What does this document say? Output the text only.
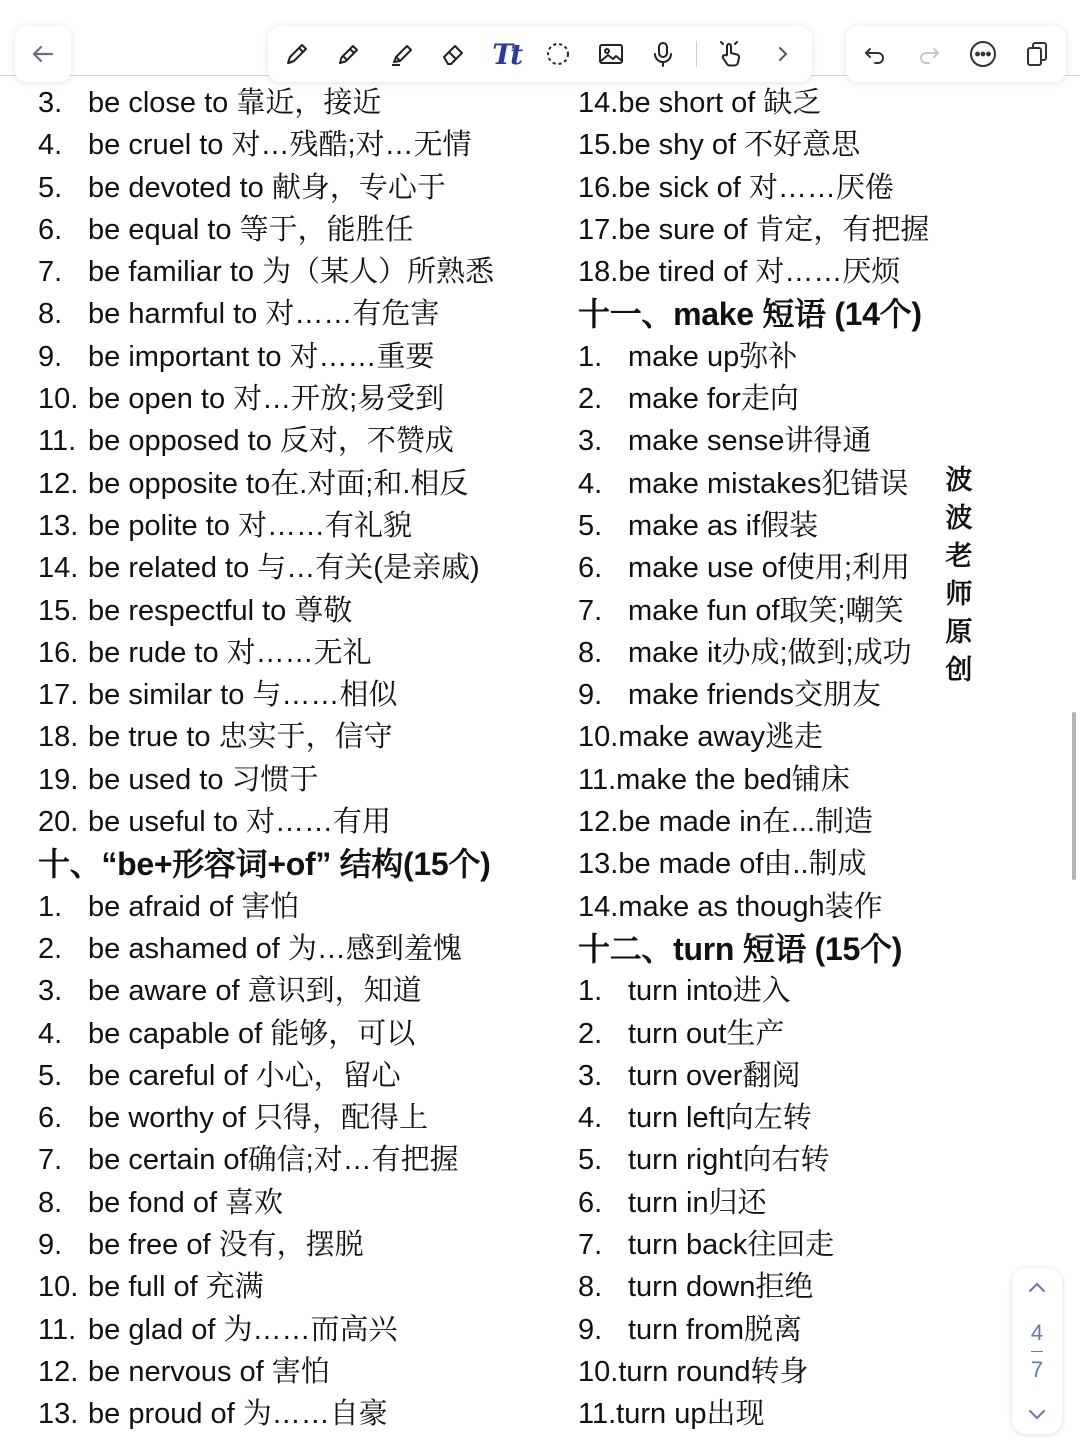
Tt
3. be close to 靠近，接近
4. be cruel to 对…残酷;对…无情
5. be devoted to 献身，专心于
6. be equal to 等于，能胜任
7. be familiar to 为（某人）所熟悉
8. be harmful to 对……有危害
9. be important to 对……重要
10. be open to 对…开放;易受到
11. be opposed to 反对，不赞成
12. be opposite to在.对面;和.相反
13. be polite to 对……有礼貌
14. be related to 与…有关(是亲戚)
15. be respectful to 尊敬
16. be rude to 对……无礼
17. be similar to 与……相似
18. be true to 忠实于，信守
19. be used to 习惯于
20. be useful to 对……有用
十、“be+形容词+of” 结构(15个)
1. be afraid of 害怕
2. be ashamed of 为…感到羞愧
3. be aware of 意识到，知道
4. be capable of 能够，可以
5. be careful of 小心，留心
6. be worthy of 只得，配得上
7. be certain of确信;对…有把握
8. be fond of 喜欢
9. be free of 没有，摆脱
10. be full of 充满
11. be glad of 为……而高兴
12. be nervous of 害怕
13. be proud of 为……自豪
14.be short of 缺乏
15.be shy of 不好意思
16.be sick of 对……厌倦
17.be sure of 肯定，有把握
18.be tired of 对……厌烦
十一、make 短语 (14个)
1. make up弥补
2. make for走向
3. make sense讲得通
4. make mistakes犯错误
5. make as if假装
6. make use of使用;利用
7. make fun of取笑;嘲笑
8. make it办成;做到;成功
9. make friends交朋友
10.make away逃走
11.make the bed铺床
12.be made in在...制造
13.be made of由..制成
14.make as though装作
十二、turn 短语 (15个)
1. turn into进入
2. turn out生产
3. turn over翻阅
4. turn left向左转
5. turn right向右转
6. turn in归还
7. turn back往回走
8. turn down拒绝
9. turn from脱离
10.turn round转身
11.turn up出现
波
波
老
师
原
创
4
7
